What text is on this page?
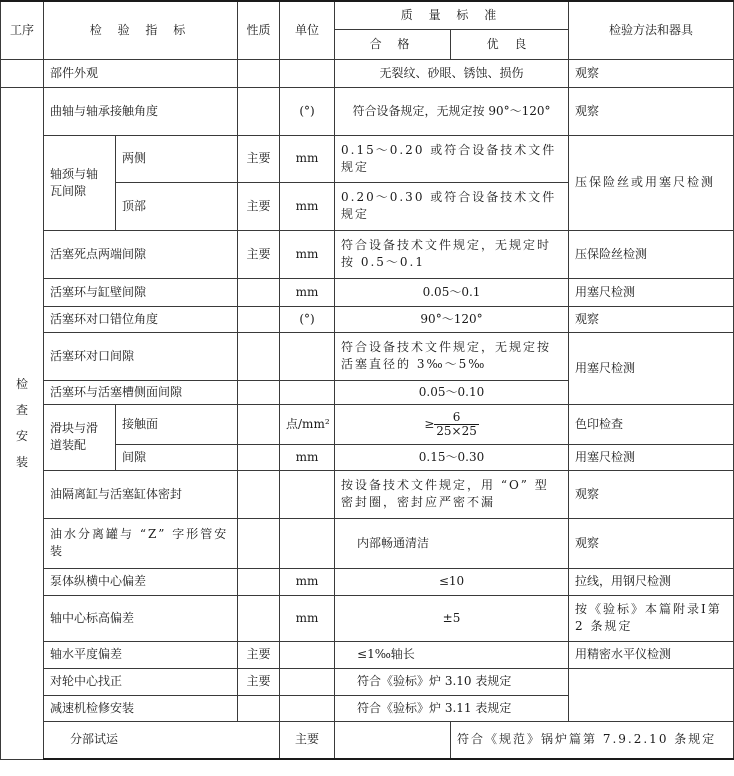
工序	检 验 指 标		性质	单位	质 量 标 准		检验方法和器具	
					合 格	优 良		
	部件外观				无裂纹、砂眼、锈蚀、损伤		观察	

检
查
安
装	曲轴与轴承接触角度			(°)	符合设备规定，无规定按 90°～120°		观察	
	轴颈与轴瓦间隙	两侧	主要	mm	0.15～0.20 或符合设备技术文件规定		压保险丝或用塞尺检测	
		顶部	主要	mm	0.20～0.30 或符合设备技术文件规定			
	活塞死点两端间隙		主要	mm	符合设备技术文件规定，无规定时按 0.5～0.1		压保险丝检测	
	活塞环与缸壁间隙			mm	0.05～0.1		用塞尺检测	
	活塞环对口错位角度			(°)	90°～120°		观察	
	活塞环对口间隙				符合设备技术文件规定，无规定按活塞直径的 3‰～5‰		用塞尺检测	
	活塞环与活塞槽侧面间隙				0.05～0.10			
	滑块与滑道装配	接触面		点/mm²	≥ $\frac{6}{25\times 25}$		色印检查	
		间隙		mm	0.15～0.30		用塞尺检测	
	油隔离缸与活塞缸体密封				按设备技术文件规定，用 “O” 型密封圈，密封应严密不漏		观察	
	油水分离罐与 “Z” 字形管安装				内部畅通清洁		观察	
	泵体纵横中心偏差			mm	≤10		拉线，用钢尺检测	
	轴中心标高偏差			mm	±5		按《验标》本篇附录Ⅰ第 2 条规定	
	轴水平度偏差		主要		≤1‰轴长		用精密水平仪检测	
	对轮中心找正		主要		符合《验标》炉 3.10 表规定			
	减速机检修安装				符合《验标》炉 3.11 表规定			
	分部试运			主要		符合《规范》锅炉篇第 7.9.2.10 条规定		
